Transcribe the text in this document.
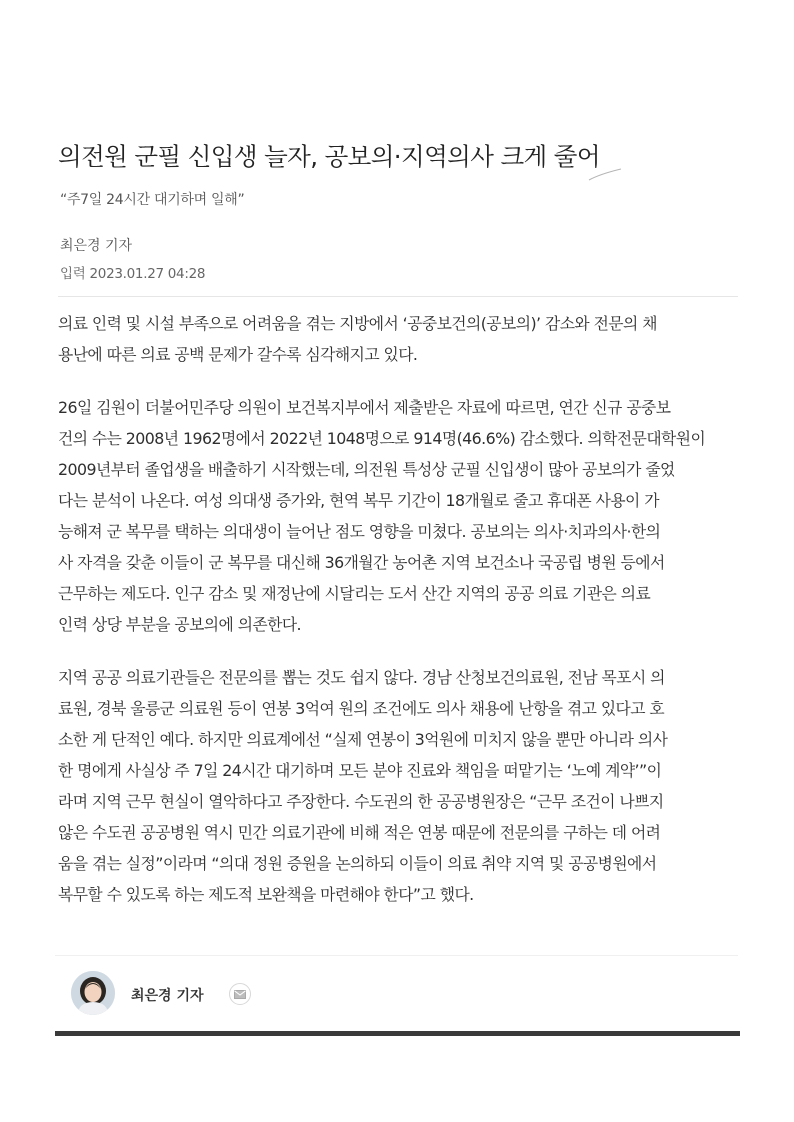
의전원 군필 신입생 늘자, 공보의·지역의사 크게 줄어
“주7일 24시간 대기하며 일해”
최은경 기자
입력 2023.01.27 04:28

의료 인력 및 시설 부족으로 어려움을 겪는 지방에서 ‘공중보건의(공보의)’ 감소와 전문의 채
용난에 따른 의료 공백 문제가 갈수록 심각해지고 있다.

26일 김원이 더불어민주당 의원이 보건복지부에서 제출받은 자료에 따르면, 연간 신규 공중보
건의 수는 2008년 1962명에서 2022년 1048명으로 914명(46.6%) 감소했다. 의학전문대학원이
2009년부터 졸업생을 배출하기 시작했는데, 의전원 특성상 군필 신입생이 많아 공보의가 줄었
다는 분석이 나온다. 여성 의대생 증가와, 현역 복무 기간이 18개월로 줄고 휴대폰 사용이 가
능해져 군 복무를 택하는 의대생이 늘어난 점도 영향을 미쳤다. 공보의는 의사·치과의사·한의
사 자격을 갖춘 이들이 군 복무를 대신해 36개월간 농어촌 지역 보건소나 국공립 병원 등에서
근무하는 제도다. 인구 감소 및 재정난에 시달리는 도서 산간 지역의 공공 의료 기관은 의료
인력 상당 부분을 공보의에 의존한다.

지역 공공 의료기관들은 전문의를 뽑는 것도 쉽지 않다. 경남 산청보건의료원, 전남 목포시 의
료원, 경북 울릉군 의료원 등이 연봉 3억여 원의 조건에도 의사 채용에 난항을 겪고 있다고 호
소한 게 단적인 예다. 하지만 의료계에선 “실제 연봉이 3억원에 미치지 않을 뿐만 아니라 의사
한 명에게 사실상 주 7일 24시간 대기하며 모든 분야 진료와 책임을 떠맡기는 ‘노예 계약’”이
라며 지역 근무 현실이 열악하다고 주장한다. 수도권의 한 공공병원장은 “근무 조건이 나쁘지
않은 수도권 공공병원 역시 민간 의료기관에 비해 적은 연봉 때문에 전문의를 구하는 데 어려
움을 겪는 실정”이라며 “의대 정원 증원을 논의하되 이들이 의료 취약 지역 및 공공병원에서
복무할 수 있도록 하는 제도적 보완책을 마련해야 한다”고 했다.

최은경 기자
